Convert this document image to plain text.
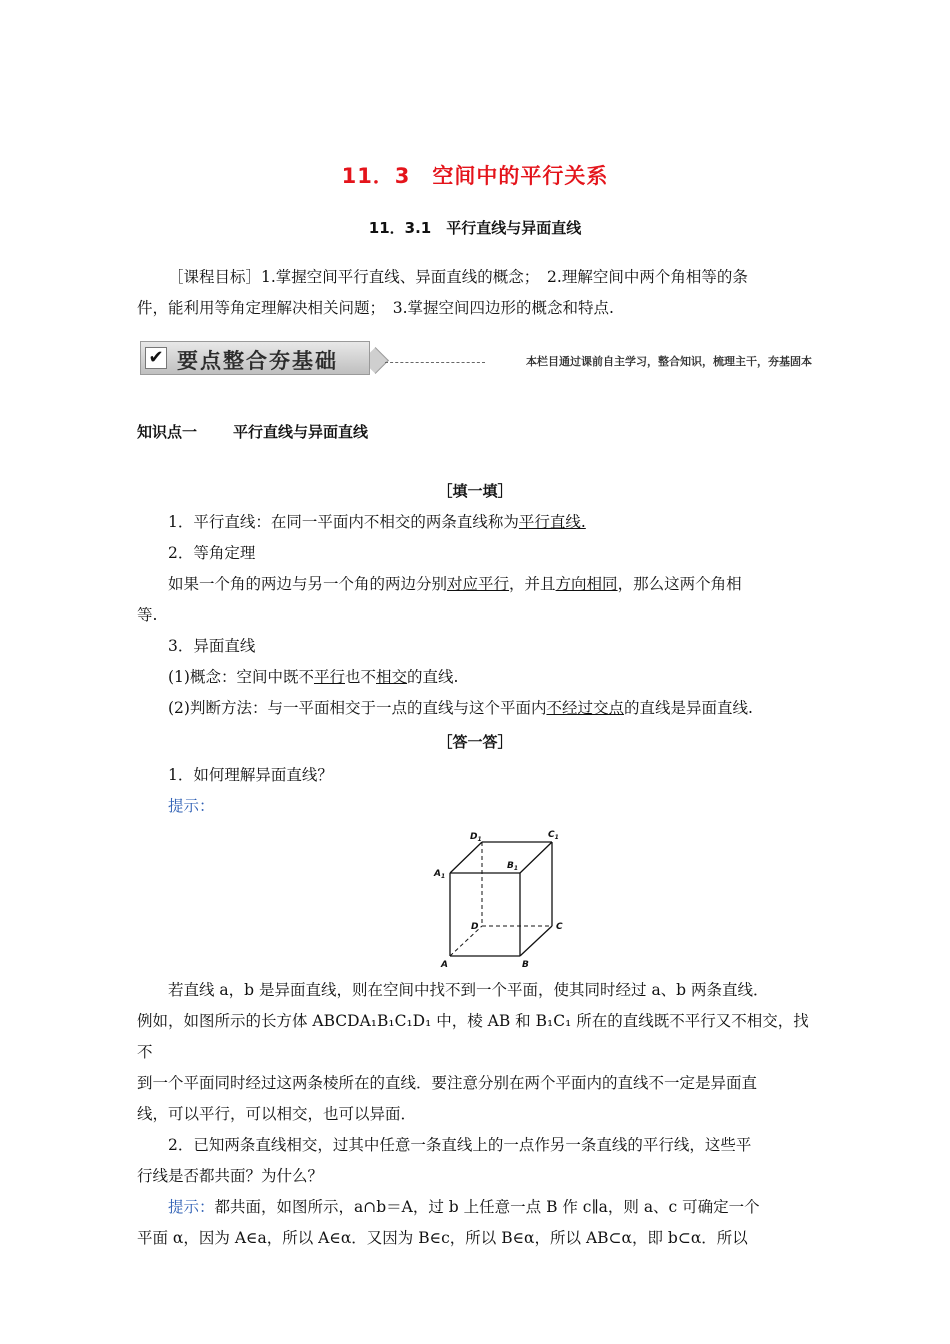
11．3　空间中的平行关系
11．3.1　平行直线与异面直线
［课程目标］1.掌握空间平行直线、异面直线的概念；　2.理解空间中两个角相等的条
件，能利用等角定理解决相关问题；　3.掌握空间四边形的概念和特点.
✔ 要点整合夯基础	本栏目通过课前自主学习，整合知识，梳理主干，夯基固本
知识点一 平行直线与异面直线
［填一填］
1．平行直线：在同一平面内不相交的两条直线称为平行直线.
2．等角定理
如果一个角的两边与另一个角的两边分别对应平行，并且方向相同，那么这两个角相
等.
3．异面直线
(1)概念：空间中既不平行也不相交的直线.
(2)判断方法：与一平面相交于一点的直线与这个平面内不经过交点的直线是异面直线.
［答一答］
1．如何理解异面直线？
提示：
$D_1$	$C_1$
$B_1$
$A_1$
D	C
A	B
若直线 a，b 是异面直线，则在空间中找不到一个平面，使其同时经过 a、b 两条直线．
例如，如图所示的长方体 ABCDA₁B₁C₁D₁ 中，棱 AB 和 B₁C₁ 所在的直线既不平行又不相交，找不
到一个平面同时经过这两条棱所在的直线．要注意分别在两个平面内的直线不一定是异面直
线，可以平行，可以相交，也可以异面．
2．已知两条直线相交，过其中任意一条直线上的一点作另一条直线的平行线，这些平
行线是否都共面？为什么？
提示：都共面，如图所示，a∩b＝A，过 b 上任意一点 B 作 c∥a，则 a、c 可确定一个
平面 α，因为 A∈a，所以 A∈α．又因为 B∈c，所以 B∈α，所以 AB⊂α，即 b⊂α．所以
